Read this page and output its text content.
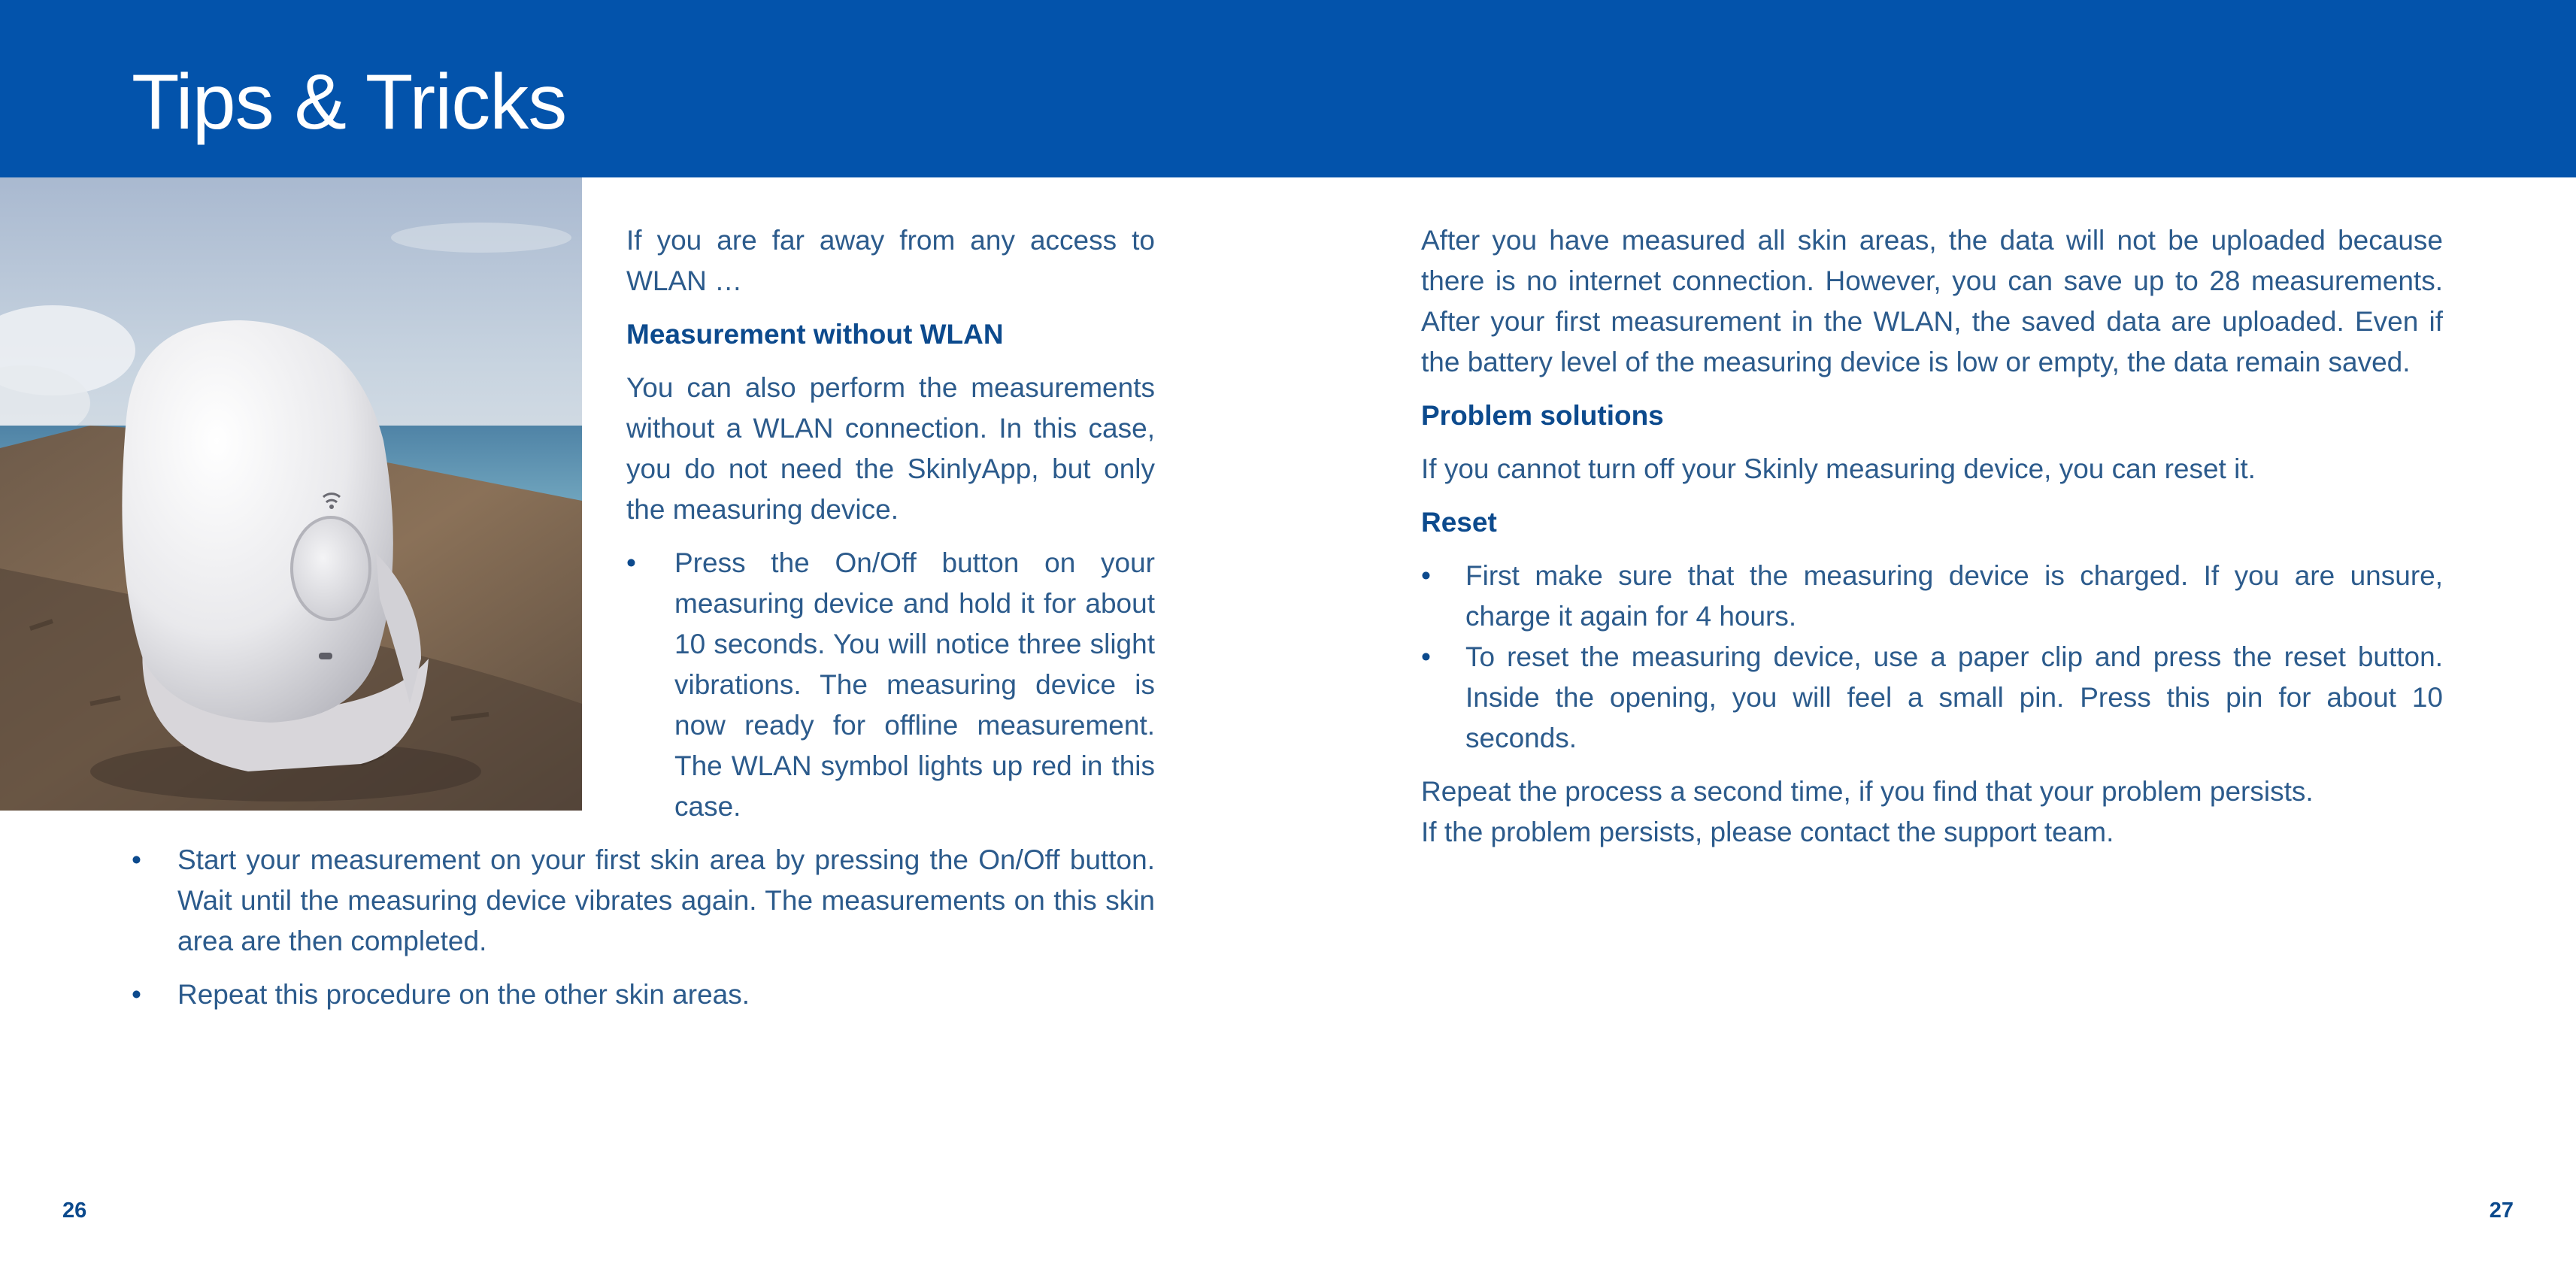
Tips & Tricks

If you are far away from any access to WLAN …

Measurement without WLAN

You can also perform the measurements without a WLAN connection. In this case, you do not need the SkinlyApp, but only the measuring device.

• Press the On/Off button on your measuring device and hold it for about 10 seconds. You will notice three slight vibrations. The measuring device is now ready for offline measurement. The WLAN symbol lights up red in this case.
• Start your measurement on your first skin area by pressing the On/Off button. Wait until the measuring device vibrates again. The measurements on this skin area are then completed.
• Repeat this procedure on the other skin areas.

After you have measured all skin areas, the data will not be uploaded because there is no internet connection. However, you can save up to 28 measurements. After your first measurement in the WLAN, the saved data are uploaded. Even if the battery level of the measuring device is low or empty, the data remain saved.

Problem solutions

If you cannot turn off your Skinly measuring device, you can reset it.

Reset
• First make sure that the measuring device is charged. If you are unsure, charge it again for 4 hours.
• To reset the measuring device, use a paper clip and press the reset button. Inside the opening, you will feel a small pin. Press this pin for about 10 seconds.

Repeat the process a second time, if you find that your problem persists.

If the problem persists, please contact the support team.

26	27
